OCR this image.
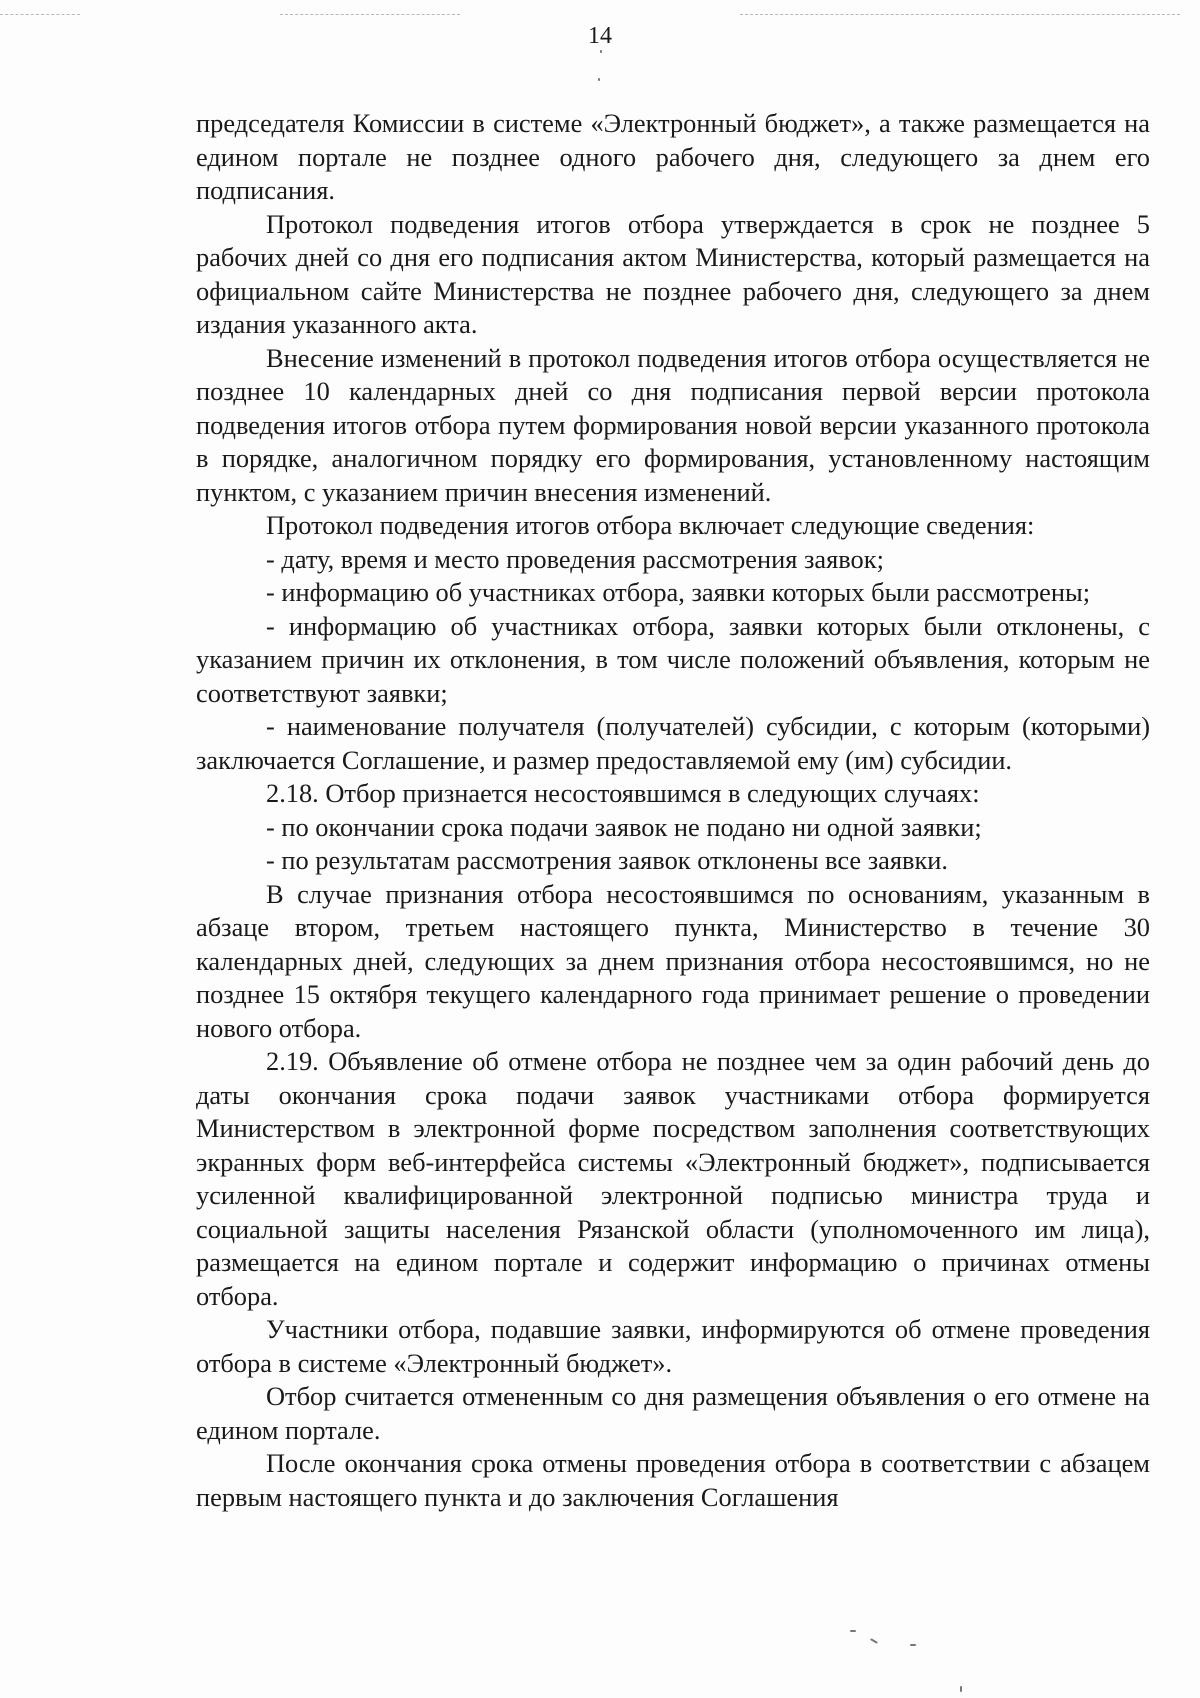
14

председателя Комиссии в системе «Электронный бюджет», а также размещается на едином портале не позднее одного рабочего дня, следующего за днем его подписания.

Протокол подведения итогов отбора утверждается в срок не позднее 5 рабочих дней со дня его подписания актом Министерства, который размещается на официальном сайте Министерства не позднее рабочего дня, следующего за днем издания указанного акта.

Внесение изменений в протокол подведения итогов отбора осуществляется не позднее 10 календарных дней со дня подписания первой версии протокола подведения итогов отбора путем формирования новой версии указанного протокола в порядке, аналогичном порядку его формирования, установленному настоящим пунктом, с указанием причин внесения изменений.

Протокол подведения итогов отбора включает следующие сведения:

- дату, время и место проведения рассмотрения заявок;

- информацию об участниках отбора, заявки которых были рассмотрены;

- информацию об участниках отбора, заявки которых были отклонены, с указанием причин их отклонения, в том числе положений объявления, которым не соответствуют заявки;

- наименование получателя (получателей) субсидии, с которым (которыми) заключается Соглашение, и размер предоставляемой ему (им) субсидии.

2.18. Отбор признается несостоявшимся в следующих случаях:

- по окончании срока подачи заявок не подано ни одной заявки;

- по результатам рассмотрения заявок отклонены все заявки.

В случае признания отбора несостоявшимся по основаниям, указанным в абзаце втором, третьем настоящего пункта, Министерство в течение 30 календарных дней, следующих за днем признания отбора несостоявшимся, но не позднее 15 октября текущего календарного года принимает решение о проведении нового отбора.

2.19. Объявление об отмене отбора не позднее чем за один рабочий день до даты окончания срока подачи заявок участниками отбора формируется Министерством в электронной форме посредством заполнения соответствующих экранных форм веб-интерфейса системы «Электронный бюджет», подписывается усиленной квалифицированной электронной подписью министра труда и социальной защиты населения Рязанской области (уполномоченного им лица), размещается на едином портале и содержит информацию о причинах отмены отбора.

Участники отбора, подавшие заявки, информируются об отмене проведения отбора в системе «Электронный бюджет».

Отбор считается отмененным со дня размещения объявления о его отмене на едином портале.

После окончания срока отмены проведения отбора в соответствии с абзацем первым настоящего пункта и до заключения Соглашения
